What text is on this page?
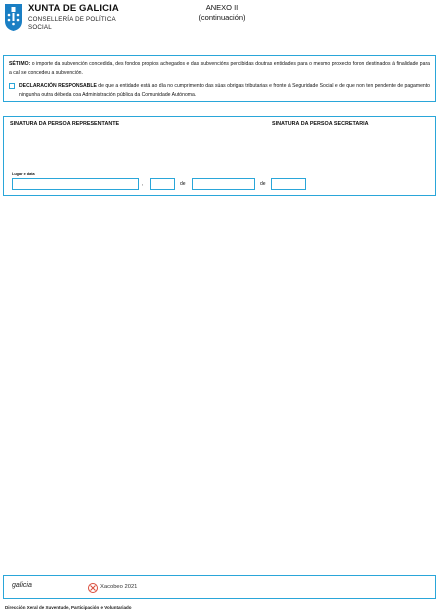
XUNTA DE GALICIA
CONSELLERÍA DE POLÍTICA
SOCIAL
ANEXO II
(continuación)

SÉTIMO: o importe da subvención concedida, des fondos propios achegados e das subvencións percibidas doutras entidades para o mesmo proxecto foron destinados á finalidade para a cal se concedeu a subvención.

DECLARACIÓN RESPONSABLE de que a entidade está ao día no cumprimento das súas obrigas tributarias e fronte á Seguridade Social e de que non ten pendente de pagamento ningunha outra débeda coa Administración pública da Comunidade Autónoma.
SINATURA DA PERSOA REPRESENTANTE	SINATURA DA PERSOA SECRETARIA
Lugar e data
,	de	de
galicia	Xacobeo 2021
Dirección Xeral de Xuventude, Participación e Voluntariado
